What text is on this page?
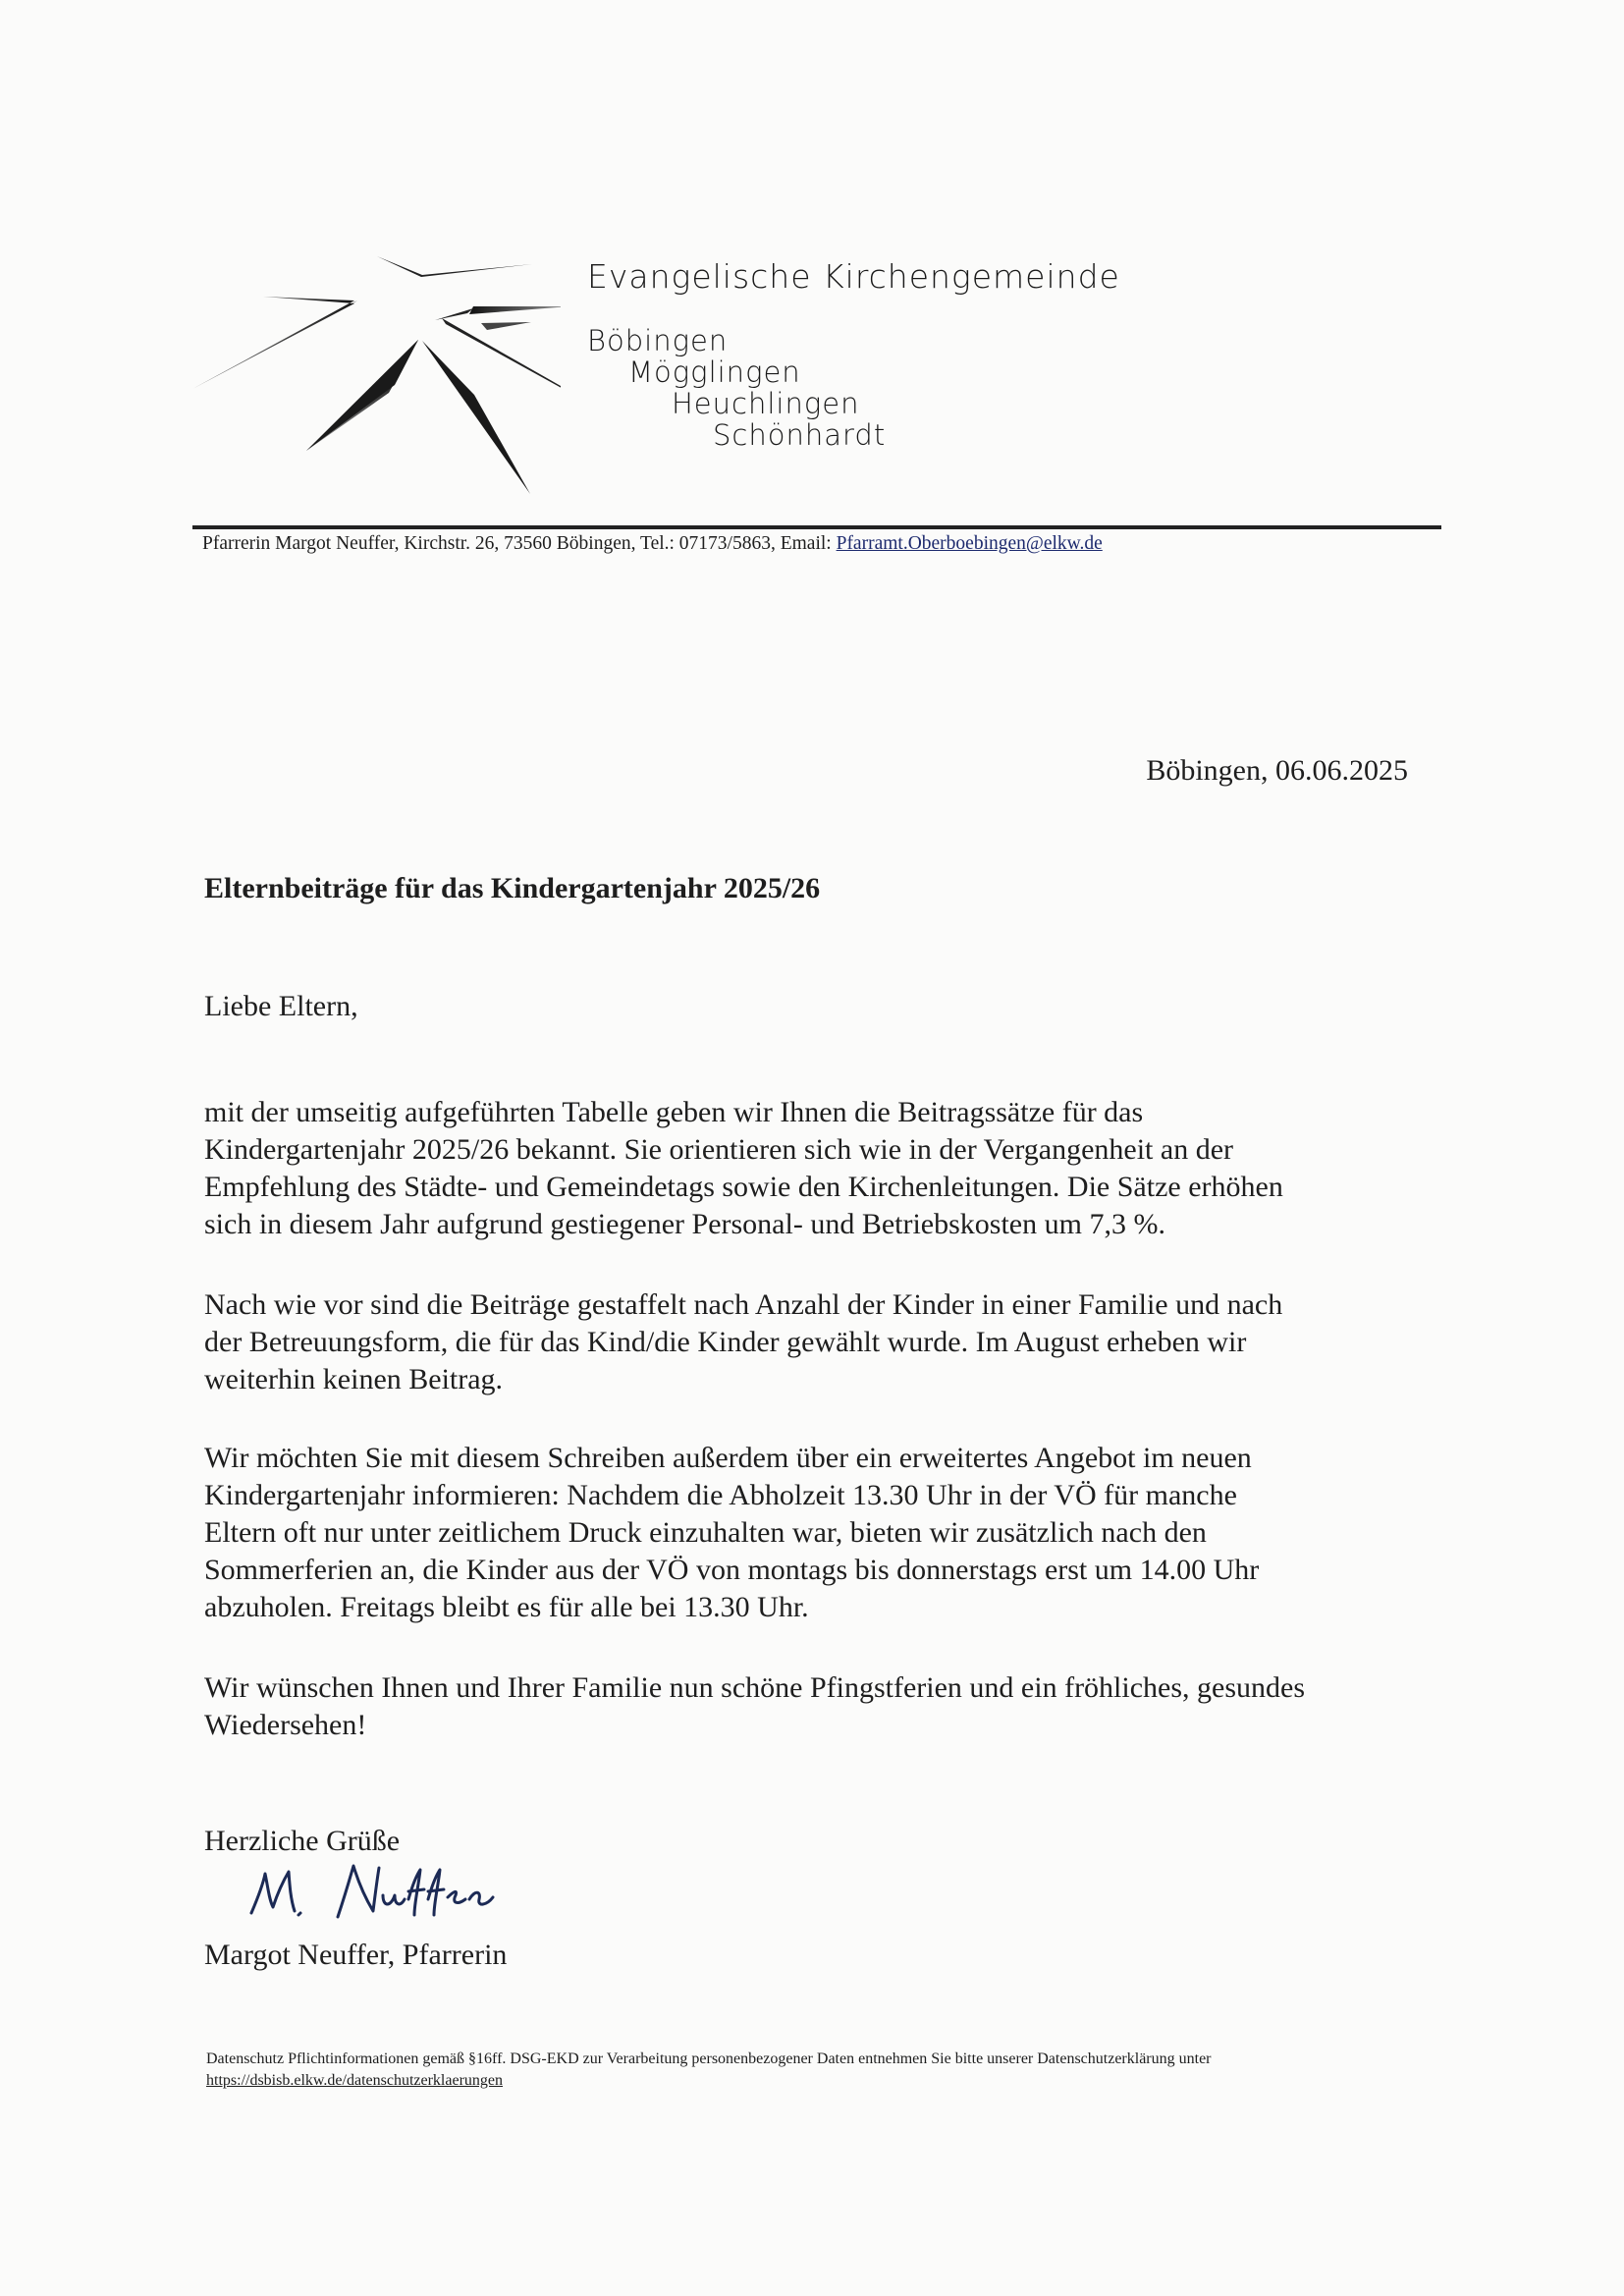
Evangelische Kirchengemeinde
Böbingen
Mögglingen
Heuchlingen
Schönhardt
Pfarrerin Margot Neuffer, Kirchstr. 26, 73560 Böbingen, Tel.: 07173/5863, Email: Pfarramt.Oberboebingen@elkw.de
Böbingen, 06.06.2025
Elternbeiträge für das Kindergartenjahr 2025/26
Liebe Eltern,
mit der umseitig aufgeführten Tabelle geben wir Ihnen die Beitragssätze für das
Kindergartenjahr 2025/26 bekannt. Sie orientieren sich wie in der Vergangenheit an der
Empfehlung des Städte- und Gemeindetags sowie den Kirchenleitungen. Die Sätze erhöhen
sich in diesem Jahr aufgrund gestiegener Personal- und Betriebskosten um 7,3 %.
Nach wie vor sind die Beiträge gestaffelt nach Anzahl der Kinder in einer Familie und nach
der Betreuungsform, die für das Kind/die Kinder gewählt wurde. Im August erheben wir
weiterhin keinen Beitrag.
Wir möchten Sie mit diesem Schreiben außerdem über ein erweitertes Angebot im neuen
Kindergartenjahr informieren: Nachdem die Abholzeit 13.30 Uhr in der VÖ für manche
Eltern oft nur unter zeitlichem Druck einzuhalten war, bieten wir zusätzlich nach den
Sommerferien an, die Kinder aus der VÖ von montags bis donnerstags erst um 14.00 Uhr
abzuholen. Freitags bleibt es für alle bei 13.30 Uhr.
Wir wünschen Ihnen und Ihrer Familie nun schöne Pfingstferien und ein fröhliches, gesundes
Wiedersehen!
Herzliche Grüße
Margot Neuffer, Pfarrerin
Datenschutz Pflichtinformationen gemäß §16ff. DSG-EKD zur Verarbeitung personenbezogener Daten entnehmen Sie bitte unserer Datenschutzerklärung unter
https://dsbisb.elkw.de/datenschutzerklaerungen
